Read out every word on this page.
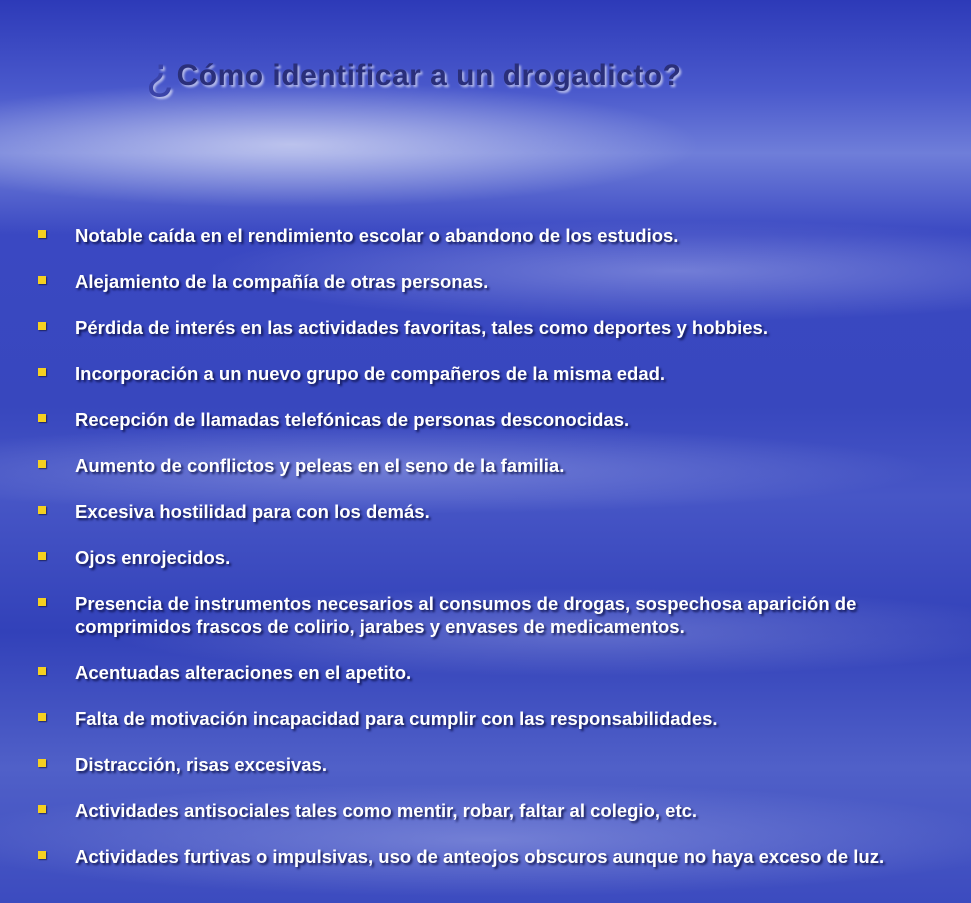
¿Cómo identificar a un drogadicto?
Notable caída en el rendimiento escolar o abandono de los estudios.
Alejamiento de la compañía de otras personas.
Pérdida de interés en las actividades favoritas, tales como deportes y hobbies.
Incorporación a un nuevo grupo de compañeros de la misma edad.
Recepción de llamadas telefónicas de personas desconocidas.
Aumento de conflictos y peleas en el seno de la familia.
Excesiva hostilidad para con los demás.
Ojos enrojecidos.
Presencia de instrumentos necesarios al consumos de drogas, sospechosa aparición de comprimidos frascos de colirio, jarabes y envases de medicamentos.
Acentuadas alteraciones en el apetito.
Falta de motivación incapacidad para cumplir con las responsabilidades.
Distracción, risas excesivas.
Actividades antisociales tales como mentir, robar, faltar al colegio, etc.
Actividades furtivas o impulsivas, uso de anteojos obscuros aunque no haya exceso de luz.
